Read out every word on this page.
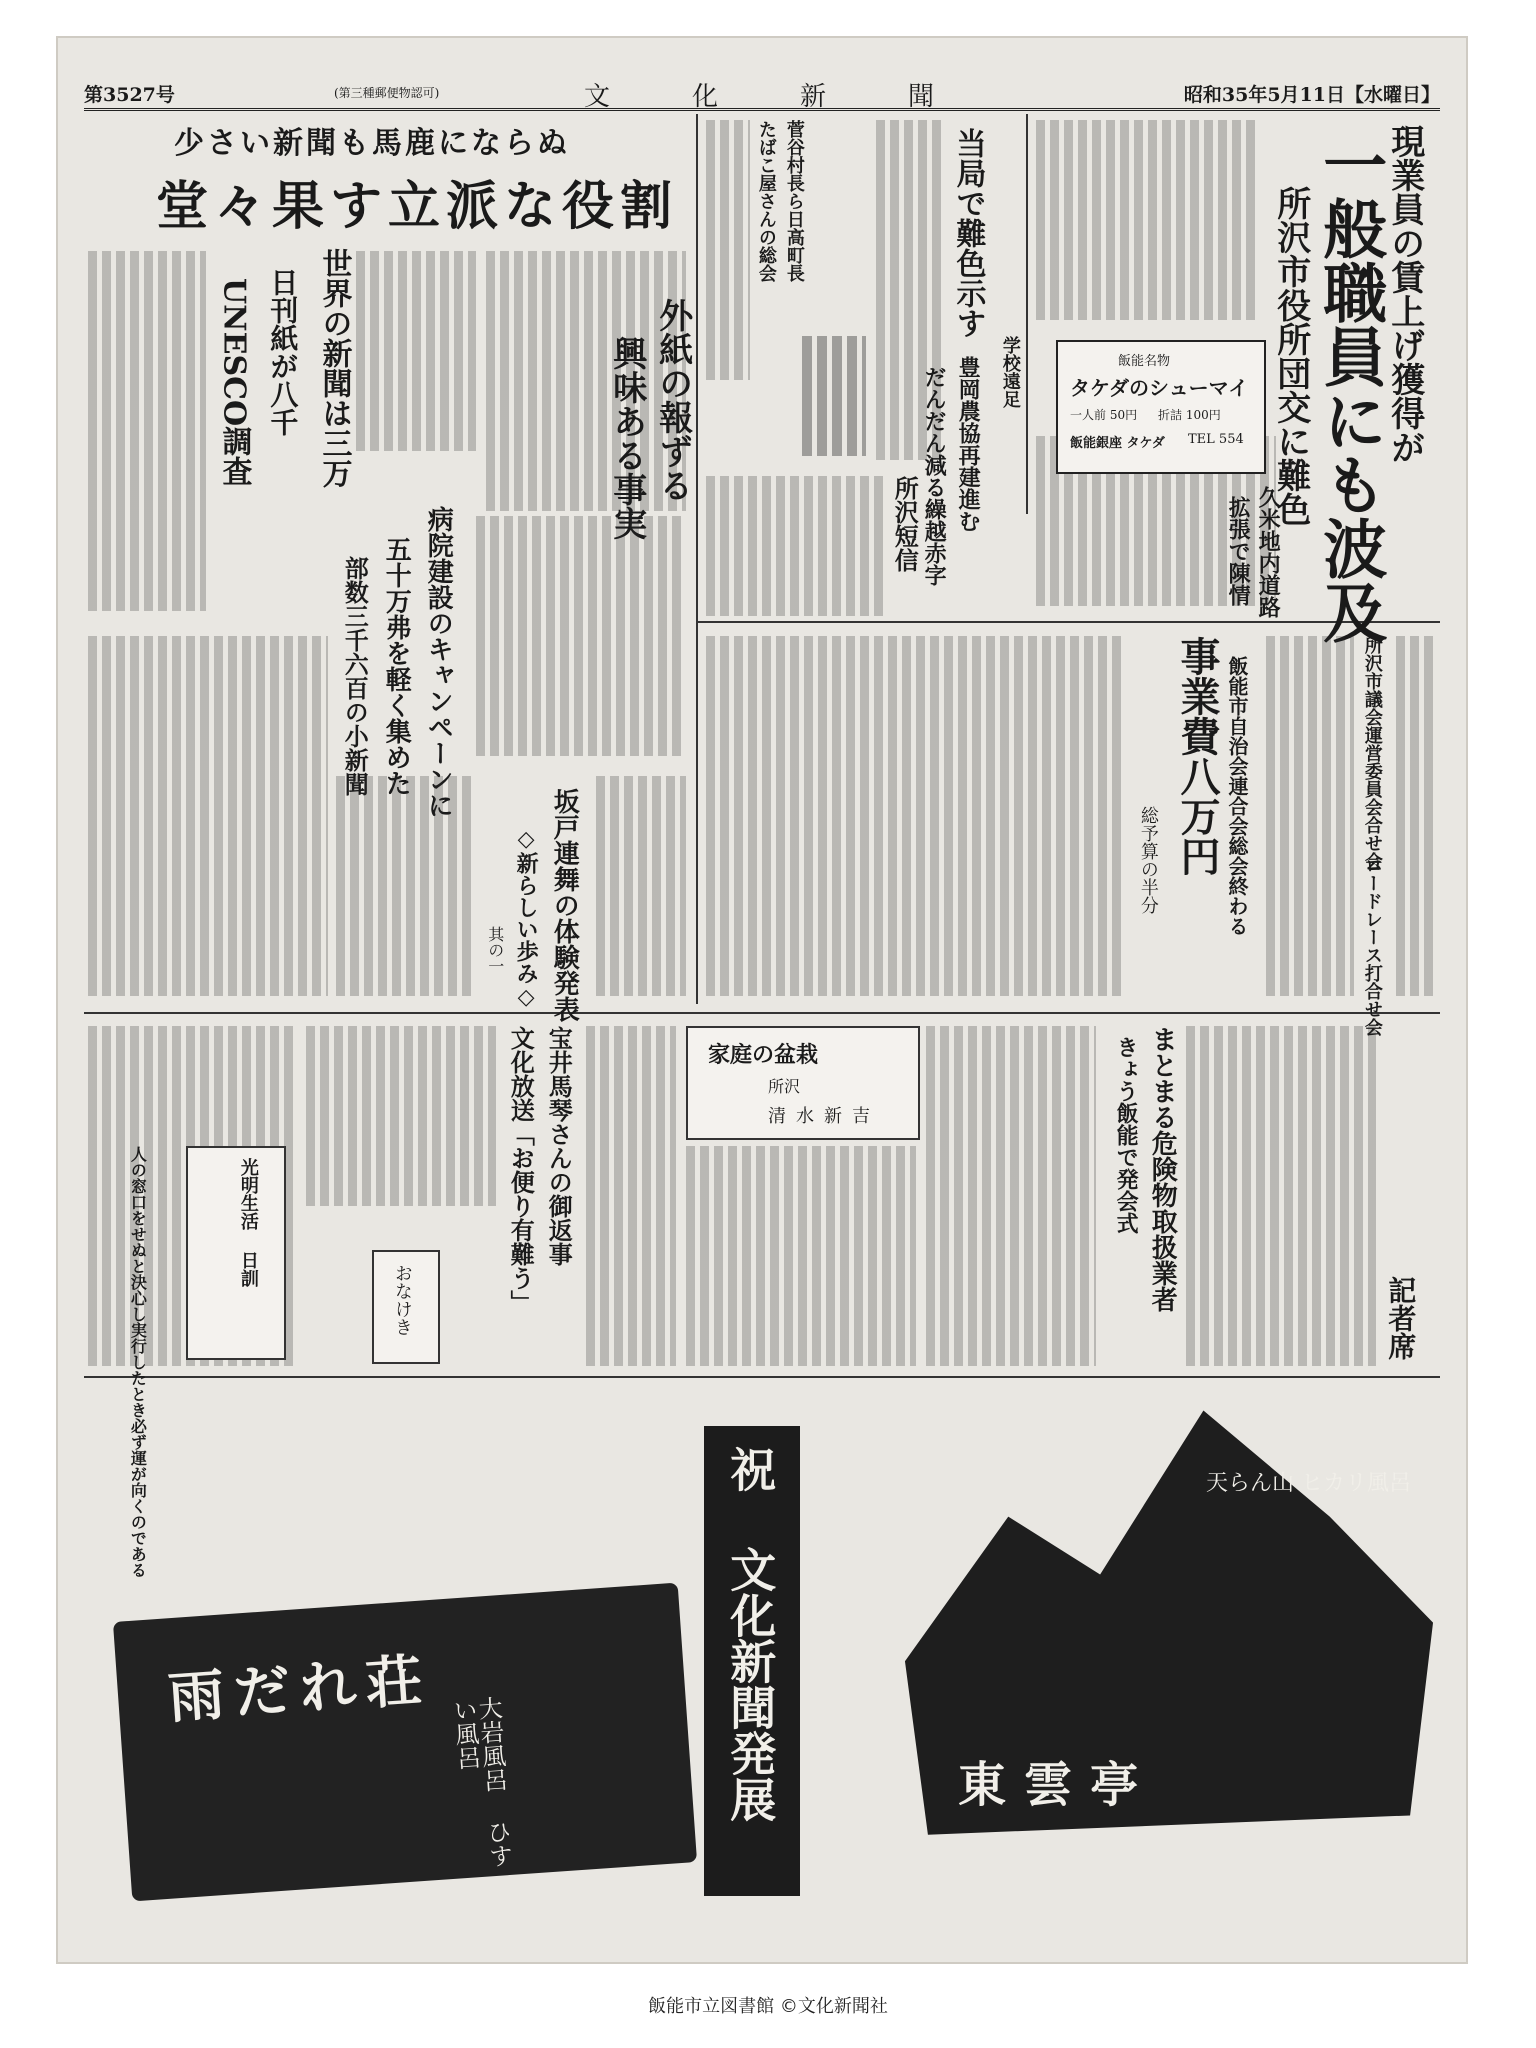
第3527号	(第三種郵便物認可)	文化新聞	昭和35年5月11日【水曜日】
少さい新聞も馬鹿にならぬ
堂々果す立派な役割
世界の新聞は三万
日刊紙が八千
UNESCO調査	外紙の報ずる
興味ある事実
病院建設のキャンペーンに
五十万弗を軽く集めた
部数三千六百の小新聞
坂戸連舞の体験発表
◇新らしい歩み◇
其の一
当局で難色示す
菅谷村長ら日高町長
たばこ屋さんの総会
所沢短信 豊岡農協再建進む
だんだん減る繰越赤字
現業員の賃上げ獲得が
一般職員にも波及
所沢市役所団交に難色
学校遠足
久米地内道路
拡張で陳情
飯能名物
タケダのシューマイ
一人前 50円 折詰 100円
飯能銀座 タケダ TEL 554
事業費八万円 飯能市自治会連合会総会終わる
総予算の半分	所沢市議会運営委員会合せ会
ロードレース打合せ会
家庭の盆栽
所沢
清水新吉	まとまる危険物取扱業者
きょう飯能で発会式
宝井馬琴さんの御返事
文化放送「お便り有難う」
記者席
光明生活 日訓
人の窓口をせぬと決心し実行したとき必ず運が向くのである	おなけき
雨だれ荘
大岩風呂 ひすい風呂	祝 文化新聞発展	東雲亭
天らん山 ヒカリ風呂
飯能市立図書館 ©文化新聞社
